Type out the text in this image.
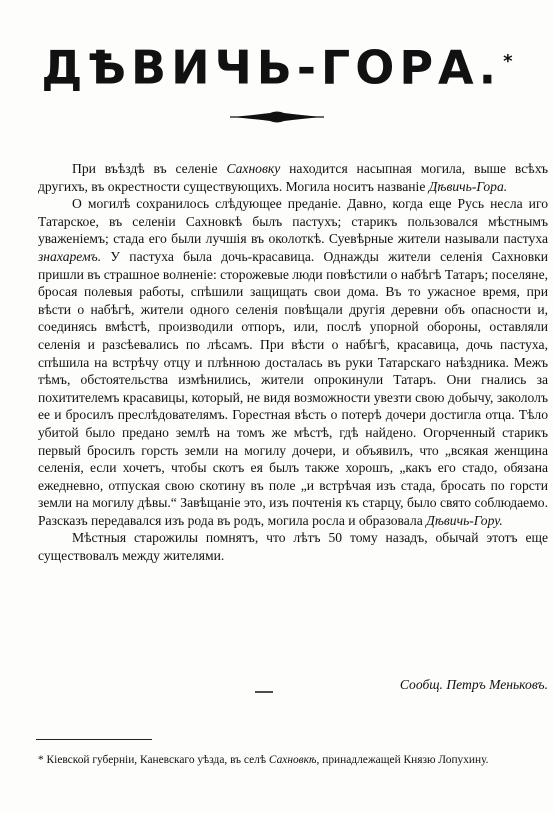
ДѢВИЧЬ-ГОРА. *

При въѣздѣ въ селеніе Сахновку находится насыпная могила, выше всѣхъ другихъ, въ окрестности существующихъ. Могила носитъ названіе Дѣвичь-Гора.

О могилѣ сохранилось слѣдующее преданіе. Давно, когда еще Русь несла иго Татарское, въ селеніи Сахновкѣ былъ пастухъ; старикъ пользовался мѣстнымъ уваженіемъ; стада его были лучшія въ околоткѣ. Суевѣрные жители называли пастуха знахаремъ. У пастуха была дочь-красавица. Однажды жители селенія Сахновки пришли въ страшное волненіе: сторожевые люди повѣстили о набѣгѣ Татаръ; поселяне, бросая полевыя работы, спѣшили защищать свои дома. Въ то ужасное время, при вѣсти о набѣгѣ, жители одного селенія повѣщали другія деревни объ опасности и, соединясь вмѣстѣ, производили отпоръ, или, послѣ упорной обороны, оставляли селенія и разсѣевались по лѣсамъ. При вѣсти о набѣгѣ, красавица, дочь пастуха, спѣшила на встрѣчу отцу и плѣнною досталась въ руки Татарскаго наѣздника. Межъ тѣмъ, обстоятельства измѣнились, жители опрокинули Татаръ. Они гнались за похитителемъ красавицы, который, не видя возможности увезти свою добычу, закололъ ее и бросилъ преслѣдователямъ. Горестная вѣсть о потерѣ дочери достигла отца. Тѣло убитой было предано землѣ на томъ же мѣстѣ, гдѣ найдено. Огорченный старикъ первый бросилъ горсть земли на могилу дочери, и объявилъ, что „всякая женщина селенія, если хочетъ, чтобы скотъ ея былъ также хорошъ, „какъ его стадо, обязана ежедневно, отпуская свою скотину въ поле „и встрѣчая изъ стада, бросать по горсти земли на могилу дѣвы.“ Завѣщаніе это, изъ почтенія къ старцу, было свято соблюдаемо. Разсказъ передавался изъ рода въ родъ, могила росла и образовала Дѣвичь-Гору.

Мѣстныя старожилы помнятъ, что лѣтъ 50 тому назадъ, обычай этотъ еще существовалъ между жителями.

Сообщ. Петръ Меньковъ.
* Кіевской губерніи, Каневскаго уѣзда, въ селѣ Сахновкѣ, принадлежащей Князю Лопухину.
